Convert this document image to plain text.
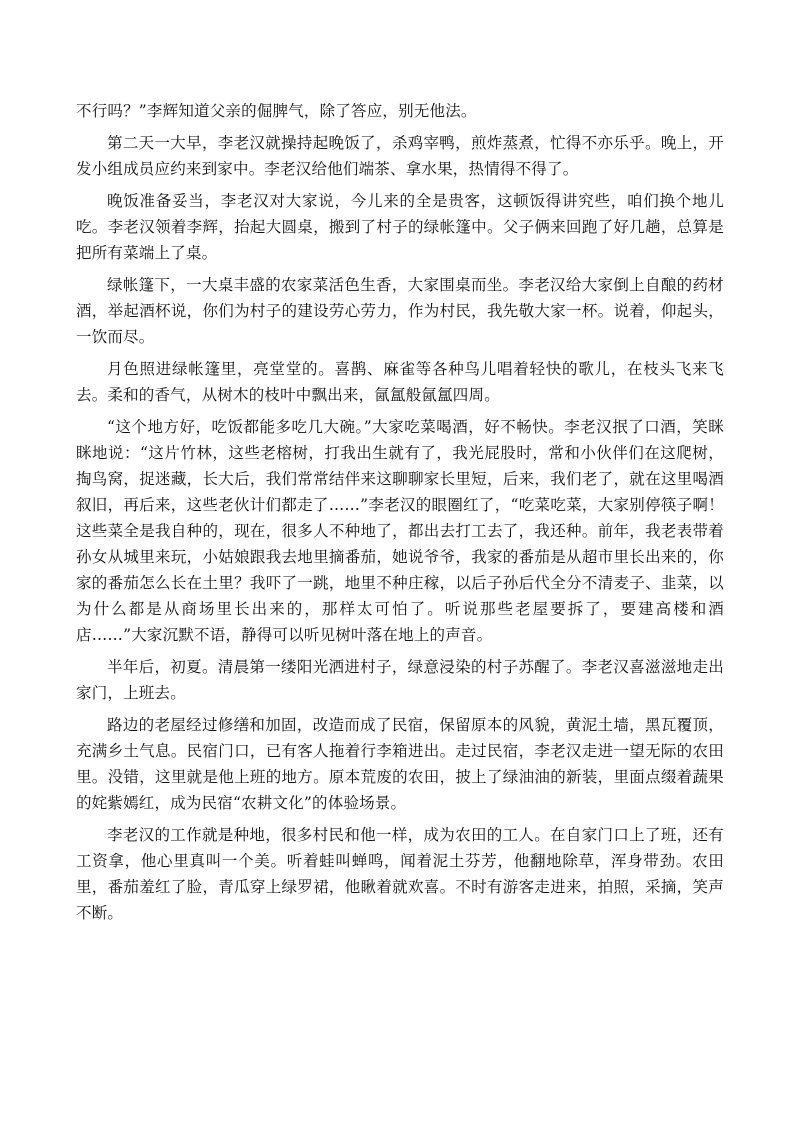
不行吗？”李辉知道父亲的倔脾气，除了答应，别无他法。

第二天一大早，李老汉就操持起晚饭了，杀鸡宰鸭，煎炸蒸煮，忙得不亦乐乎。晚上，开发小组成员应约来到家中。李老汉给他们端茶、拿水果，热情得不得了。

晚饭准备妥当，李老汉对大家说，今儿来的全是贵客，这顿饭得讲究些，咱们换个地儿吃。李老汉领着李辉，抬起大圆桌，搬到了村子的绿帐篷中。父子俩来回跑了好几趟，总算是把所有菜端上了桌。

绿帐篷下，一大桌丰盛的农家菜活色生香，大家围桌而坐。李老汉给大家倒上自酿的药材酒，举起酒杯说，你们为村子的建设劳心劳力，作为村民，我先敬大家一杯。说着，仰起头，一饮而尽。

月色照进绿帐篷里，亮堂堂的。喜鹊、麻雀等各种鸟儿唱着轻快的歌儿，在枝头飞来飞去。柔和的香气，从树木的枝叶中飘出来，氤氲般氤氲四周。

“这个地方好，吃饭都能多吃几大碗。”大家吃菜喝酒，好不畅快。李老汉抿了口酒，笑眯眯地说：“这片竹林，这些老榕树，打我出生就有了，我光屁股时，常和小伙伴们在这爬树，掏鸟窝，捉迷藏，长大后，我们常常结伴来这聊聊家长里短，后来，我们老了，就在这里喝酒叙旧，再后来，这些老伙计们都走了……”李老汉的眼圈红了，“吃菜吃菜，大家别停筷子啊！这些菜全是我自种的，现在，很多人不种地了，都出去打工去了，我还种。前年，我老表带着孙女从城里来玩，小姑娘跟我去地里摘番茄，她说爷爷，我家的番茄是从超市里长出来的，你家的番茄怎么长在土里？我吓了一跳，地里不种庄稼，以后子孙后代全分不清麦子、韭菜，以为什么都是从商场里长出来的，那样太可怕了。听说那些老屋要拆了，要建高楼和酒店……”大家沉默不语，静得可以听见树叶落在地上的声音。

半年后，初夏。清晨第一缕阳光洒进村子，绿意浸染的村子苏醒了。李老汉喜滋滋地走出家门，上班去。

路边的老屋经过修缮和加固，改造而成了民宿，保留原本的风貌，黄泥土墙，黑瓦覆顶，充满乡土气息。民宿门口，已有客人拖着行李箱进出。走过民宿，李老汉走进一望无际的农田里。没错，这里就是他上班的地方。原本荒废的农田，披上了绿油油的新装，里面点缀着蔬果的姹紫嫣红，成为民宿“农耕文化”的体验场景。

李老汉的工作就是种地，很多村民和他一样，成为农田的工人。在自家门口上了班，还有工资拿，他心里真叫一个美。听着蛙叫蝉鸣，闻着泥土芬芳，他翻地除草，浑身带劲。农田里，番茄羞红了脸，青瓜穿上绿罗裙，他瞅着就欢喜。不时有游客走进来，拍照，采摘，笑声不断。
